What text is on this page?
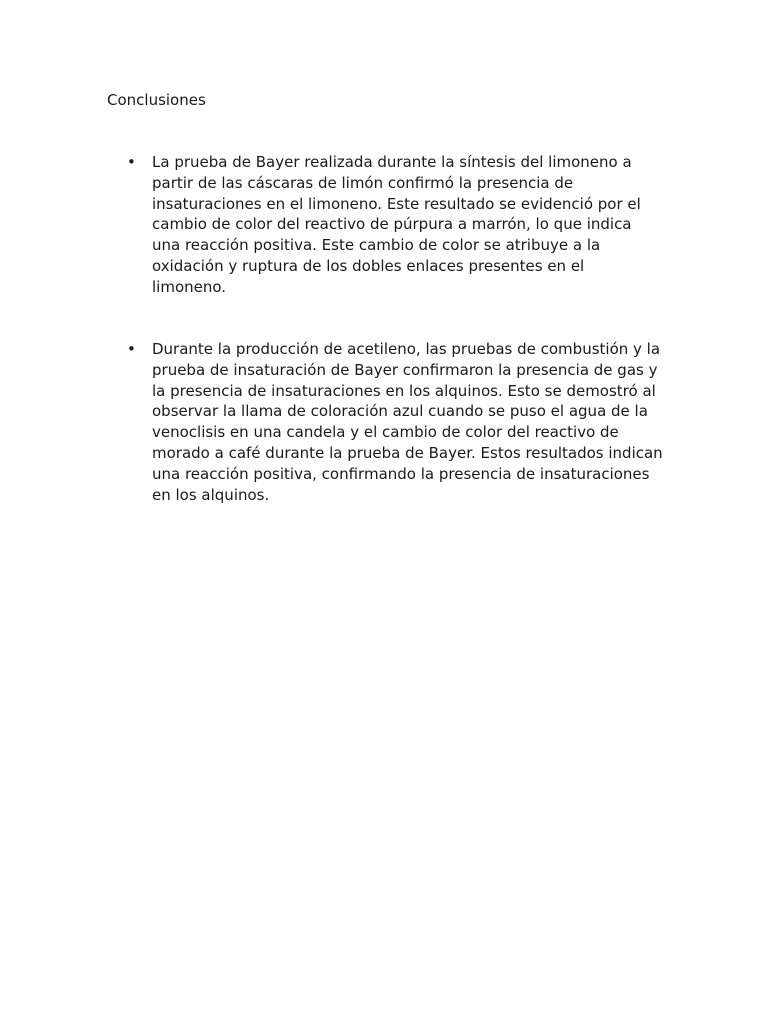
Conclusiones
•	La prueba de Bayer realizada durante la síntesis del limoneno a partir de las cáscaras de limón confirmó la presencia de insaturaciones en el limoneno. Este resultado se evidenció por el cambio de color del reactivo de púrpura a marrón, lo que indica una reacción positiva. Este cambio de color se atribuye a la oxidación y ruptura de los dobles enlaces presentes en el limoneno.

•	Durante la producción de acetileno, las pruebas de combustión y la prueba de insaturación de Bayer confirmaron la presencia de gas y la presencia de insaturaciones en los alquinos. Esto se demostró al observar la llama de coloración azul cuando se puso el agua de la venoclisis en una candela y el cambio de color del reactivo de morado a café durante la prueba de Bayer. Estos resultados indican una reacción positiva, confirmando la presencia de insaturaciones en los alquinos.
